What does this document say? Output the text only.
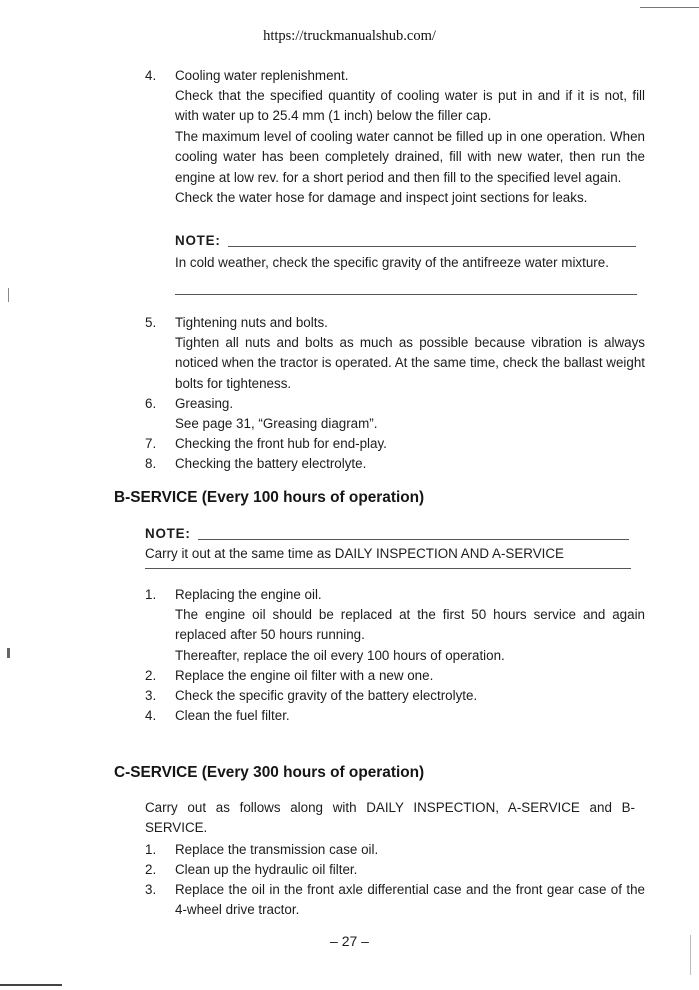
https://truckmanualshub.com/
4. Cooling water replenishment.
Check that the specified quantity of cooling water is put in and if it is not, fill with water up to 25.4 mm (1 inch) below the filler cap.
The maximum level of cooling water cannot be filled up in one operation. When cooling water has been completely drained, fill with new water, then run the engine at low rev. for a short period and then fill to the specified level again.
Check the water hose for damage and inspect joint sections for leaks.
NOTE:
In cold weather, check the specific gravity of the antifreeze water mixture.
5. Tightening nuts and bolts.
Tighten all nuts and bolts as much as possible because vibration is always noticed when the tractor is operated. At the same time, check the ballast weight bolts for tighteness.
6. Greasing.
See page 31, “Greasing diagram”.
7. Checking the front hub for end-play.
8. Checking the battery electrolyte.
B-SERVICE (Every 100 hours of operation)
NOTE:
Carry it out at the same time as DAILY INSPECTION AND A-SERVICE
1. Replacing the engine oil.
The engine oil should be replaced at the first 50 hours service and again replaced after 50 hours running.
Thereafter, replace the oil every 100 hours of operation.
2. Replace the engine oil filter with a new one.
3. Check the specific gravity of the battery electrolyte.
4. Clean the fuel filter.
C-SERVICE (Every 300 hours of operation)
Carry out as follows along with DAILY INSPECTION, A-SERVICE and B-SERVICE.
1. Replace the transmission case oil.
2. Clean up the hydraulic oil filter.
3. Replace the oil in the front axle differential case and the front gear case of the 4-wheel drive tractor.
– 27 –
